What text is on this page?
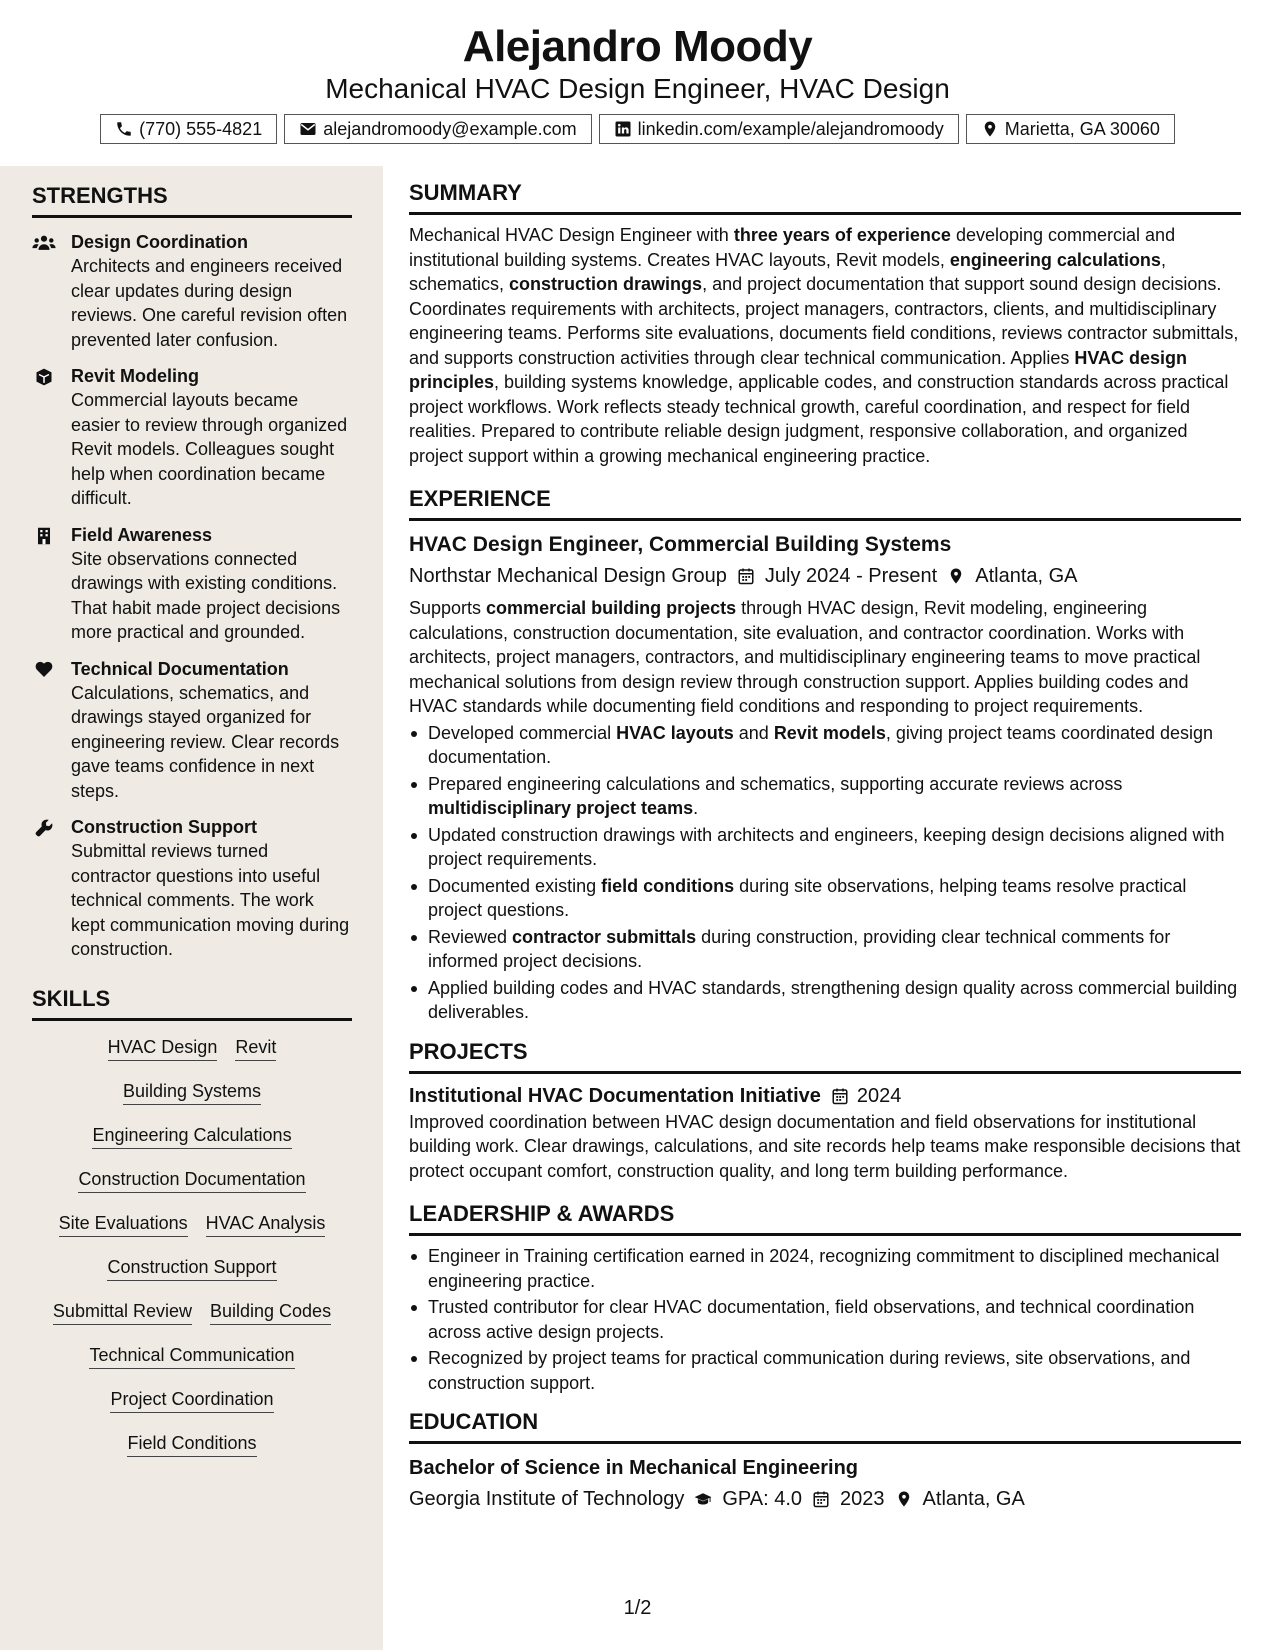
Alejandro Moody
Mechanical HVAC Design Engineer, HVAC Design
(770) 555-4821	alejandromoody@example.com	linkedin.com/example/alejandromoody	Marietta, GA 30060
STRENGTHS
Design Coordination
Architects and engineers received clear updates during design reviews. One careful revision often prevented later confusion.
Revit Modeling
Commercial layouts became easier to review through organized Revit models. Colleagues sought help when coordination became difficult.
Field Awareness
Site observations connected drawings with existing conditions. That habit made project decisions more practical and grounded.
Technical Documentation
Calculations, schematics, and drawings stayed organized for engineering review. Clear records gave teams confidence in next steps.
Construction Support
Submittal reviews turned contractor questions into useful technical comments. The work kept communication moving during construction.
SKILLS
HVAC Design Revit
Building Systems
Engineering Calculations
Construction Documentation
Site Evaluations HVAC Analysis
Construction Support
Submittal Review Building Codes
Technical Communication
Project Coordination
Field Conditions
SUMMARY
Mechanical HVAC Design Engineer with three years of experience developing commercial and institutional building systems. Creates HVAC layouts, Revit models, engineering calculations, schematics, construction drawings, and project documentation that support sound design decisions. Coordinates requirements with architects, project managers, contractors, clients, and multidisciplinary engineering teams. Performs site evaluations, documents field conditions, reviews contractor submittals, and supports construction activities through clear technical communication. Applies HVAC design principles, building systems knowledge, applicable codes, and construction standards across practical project workflows. Work reflects steady technical growth, careful coordination, and respect for field realities. Prepared to contribute reliable design judgment, responsive collaboration, and organized project support within a growing mechanical engineering practice.
EXPERIENCE
HVAC Design Engineer, Commercial Building Systems
Northstar Mechanical Design Group July 2024 - Present Atlanta, GA
Supports commercial building projects through HVAC design, Revit modeling, engineering calculations, construction documentation, site evaluation, and contractor coordination. Works with architects, project managers, contractors, and multidisciplinary engineering teams to move practical mechanical solutions from design review through construction support. Applies building codes and HVAC standards while documenting field conditions and responding to project requirements.
Developed commercial HVAC layouts and Revit models, giving project teams coordinated design documentation.
Prepared engineering calculations and schematics, supporting accurate reviews across multidisciplinary project teams.
Updated construction drawings with architects and engineers, keeping design decisions aligned with project requirements.
Documented existing field conditions during site observations, helping teams resolve practical project questions.
Reviewed contractor submittals during construction, providing clear technical comments for informed project decisions.
Applied building codes and HVAC standards, strengthening design quality across commercial building deliverables.
PROJECTS
Institutional HVAC Documentation Initiative 2024
Improved coordination between HVAC design documentation and field observations for institutional building work. Clear drawings, calculations, and site records help teams make responsible decisions that protect occupant comfort, construction quality, and long term building performance.
LEADERSHIP & AWARDS
Engineer in Training certification earned in 2024, recognizing commitment to disciplined mechanical engineering practice.
Trusted contributor for clear HVAC documentation, field observations, and technical coordination across active design projects.
Recognized by project teams for practical communication during reviews, site observations, and construction support.
EDUCATION
Bachelor of Science in Mechanical Engineering
Georgia Institute of Technology GPA: 4.0 2023 Atlanta, GA
1/2
